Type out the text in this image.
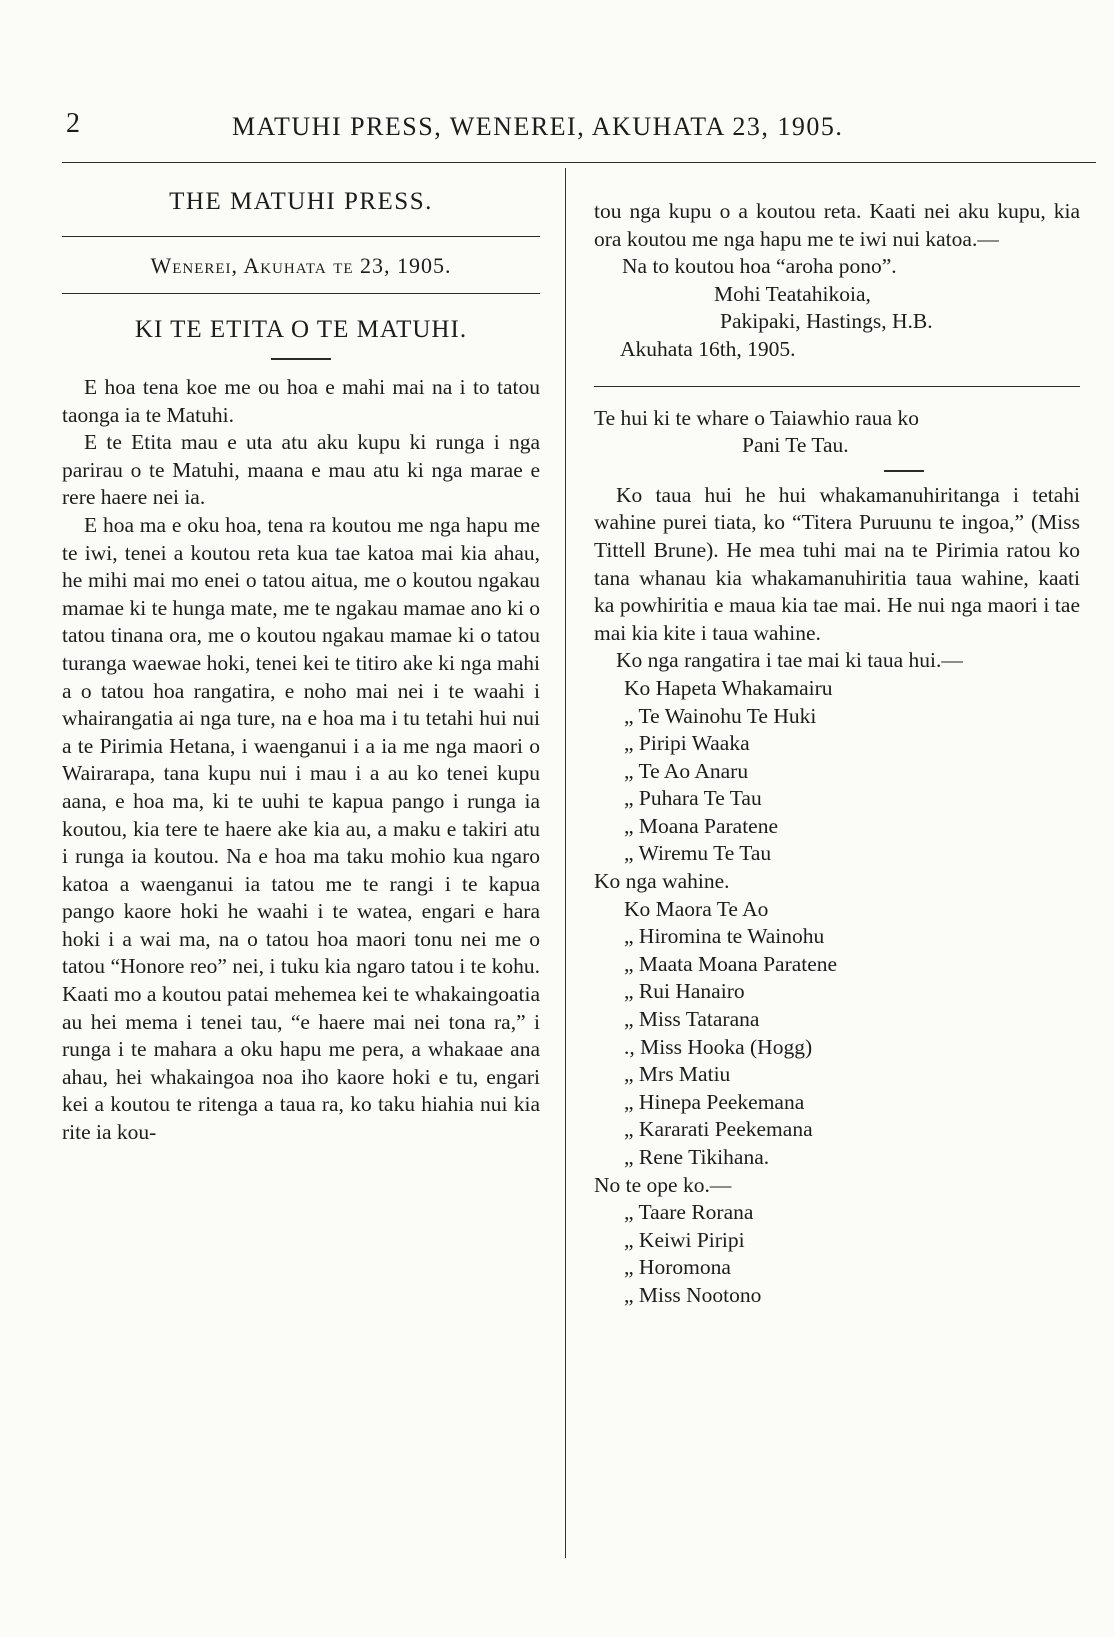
2	MATUHI PRESS, WENEREI, AKUHATA 23, 1905.
THE MATUHI PRESS.
Wenerei, Akuhata te 23, 1905.
KI TE ETITA O TE MATUHI.

E hoa tena koe me ou hoa e mahi mai na i to tatou taonga ia te Matuhi.

E te Etita mau e uta atu aku kupu ki runga i nga parirau o te Matuhi, maana e mau atu ki nga marae e rere haere nei ia.

E hoa ma e oku hoa, tena ra koutou me nga hapu me te iwi, tenei a koutou reta kua tae katoa mai kia ahau, he mihi mai mo enei o tatou aitua, me o koutou ngakau mamae ki te hunga mate, me te ngakau mamae ano ki o tatou tinana ora, me o koutou ngakau mamae ki o tatou turanga waewae hoki, tenei kei te titiro ake ki nga mahi a o tatou hoa rangatira, e noho mai nei i te waahi i whairangatia ai nga ture, na e hoa ma i tu tetahi hui nui a te Pirimia Hetana, i waenganui i a ia me nga maori o Wairarapa, tana kupu nui i mau i a au ko tenei kupu aana, e hoa ma, ki te uuhi te kapua pango i runga ia koutou, kia tere te haere ake kia au, a maku e takiri atu i runga ia koutou. Na e hoa ma taku mohio kua ngaro katoa a waenganui ia tatou me te rangi i te kapua pango kaore hoki he waahi i te watea, engari e hara hoki i a wai ma, na o tatou hoa maori tonu nei me o tatou “Honore reo” nei, i tuku kia ngaro tatou i te kohu. Kaati mo a koutou patai mehemea kei te whakaingoatia au hei mema i tenei tau, “e haere mai nei tona ra,” i runga i te mahara a oku hapu me pera, a whakaae ana ahau, hei whakaingoa noa iho kaore hoki e tu, engari kei a koutou te ritenga a taua ra, ko taku hiahia nui kia rite ia kou-

tou nga kupu o a koutou reta. Kaati nei aku kupu, kia ora koutou me nga hapu me te iwi nui katoa.—
Na to koutou hoa “aroha pono”.
Mohi Teatahikoia,
Pakipaki, Hastings, H.B.
Akuhata 16th, 1905.
Te hui ki te whare o Taiawhio raua ko
Pani Te Tau.

Ko taua hui he hui whakamanuhiritanga i tetahi wahine purei tiata, ko “Titera Puruunu te ingoa,” (Miss Tittell Brune). He mea tuhi mai na te Pirimia ratou ko tana whanau kia whakamanuhiritia taua wahine, kaati ka powhiritia e maua kia tae mai. He nui nga maori i tae mai kia kite i taua wahine.

Ko nga rangatira i tae mai ki taua hui.—

Ko Hapeta Whakamairu
„ Te Wainohu Te Huki
„ Piripi Waaka
„ Te Ao Anaru
„ Puhara Te Tau
„ Moana Paratene
„ Wiremu Te Tau
Ko nga wahine.
Ko Maora Te Ao
„ Hiromina te Wainohu
„ Maata Moana Paratene
„ Rui Hanairo
„ Miss Tatarana
., Miss Hooka (Hogg)
„ Mrs Matiu
„ Hinepa Peekemana
„ Kararati Peekemana
„ Rene Tikihana.
No te ope ko.—
„ Taare Rorana
„ Keiwi Piripi
„ Horomona
„ Miss Nootono
